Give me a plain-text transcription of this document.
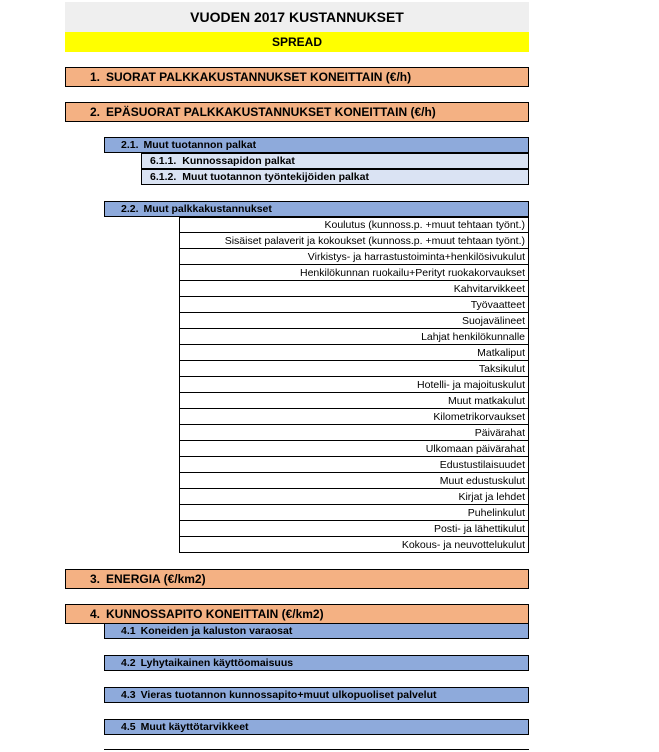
VUODEN 2017 KUSTANNUKSET
SPREAD
1. SUORAT PALKKAKUSTANNUKSET KONEITTAIN (€/h)
2. EPÄSUORAT PALKKAKUSTANNUKSET KONEITTAIN (€/h)
2.1. Muut tuotannon palkat
6.1.1. Kunnossapidon palkat
6.1.2. Muut tuotannon työntekijöiden palkat
2.2. Muut palkkakustannukset
Koulutus (kunnoss.p. +muut tehtaan työnt.)
Sisäiset palaverit ja kokoukset (kunnoss.p. +muut tehtaan työnt.)
Virkistys- ja harrastustoiminta+henkilösivukulut
Henkilökunnan ruokailu+Perityt ruokakorvaukset
Kahvitarvikkeet
Työvaatteet
Suojavälineet
Lahjat henkilökunnalle
Matkaliput
Taksikulut
Hotelli- ja majoituskulut
Muut matkakulut
Kilometrikorvaukset
Päivärahat
Ulkomaan päivärahat
Edustustilaisuudet
Muut edustuskulut
Kirjat ja lehdet
Puhelinkulut
Posti- ja lähettikulut
Kokous- ja neuvottelukulut
3. ENERGIA (€/km2)
4. KUNNOSSAPITO KONEITTAIN (€/km2)
4.1 Koneiden ja kaluston varaosat
4.2 Lyhytaikainen käyttöomaisuus
4.3 Vieras tuotannon kunnossapito+muut ulkopuoliset palvelut
4.5 Muut käyttötarvikkeet
